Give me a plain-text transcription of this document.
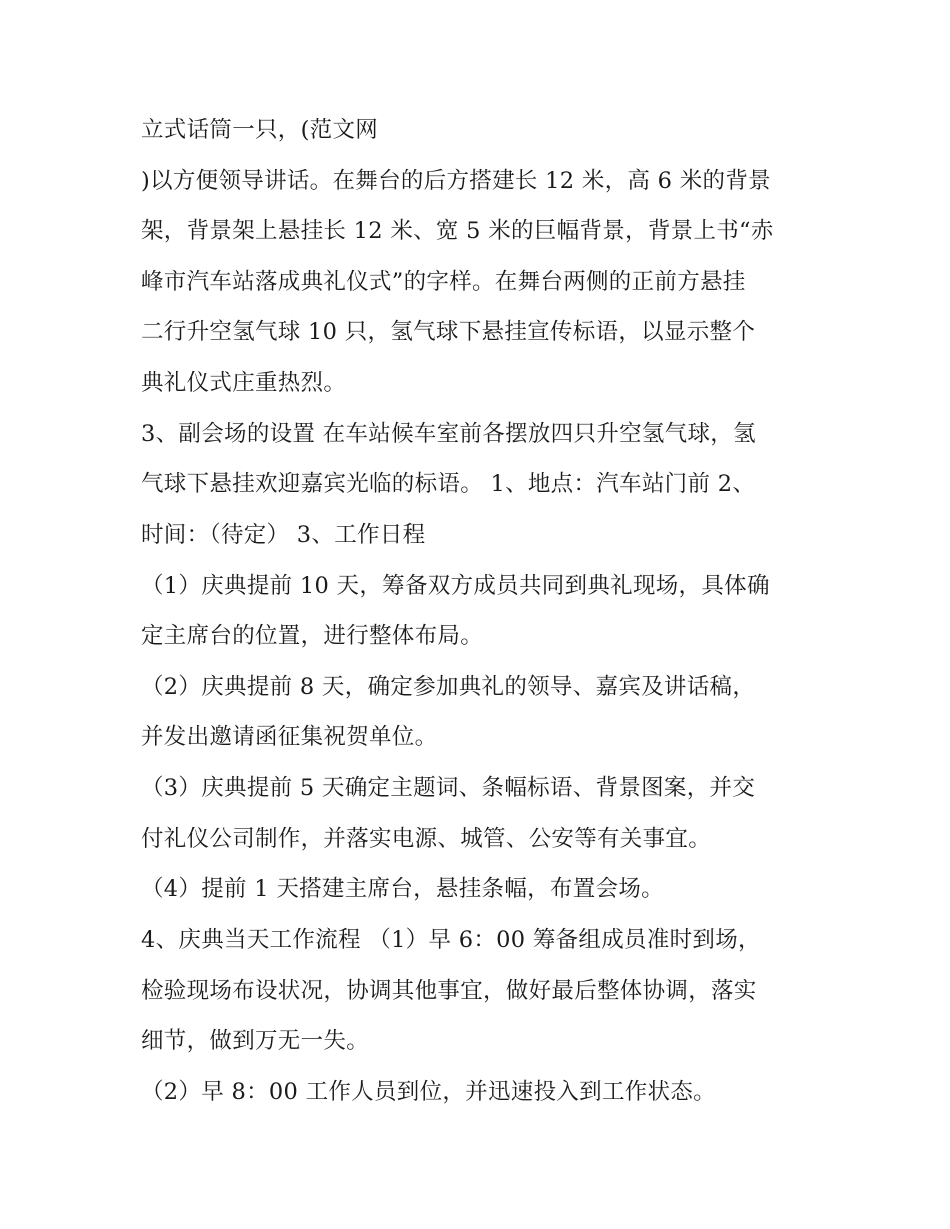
立式话筒一只，(范文网
)以方便领导讲话。在舞台的后方搭建长 12 米，高 6 米的背景
架，背景架上悬挂长 12 米、宽 5 米的巨幅背景，背景上书“赤
峰市汽车站落成典礼仪式”的字样。在舞台两侧的正前方悬挂
二行升空氢气球 10 只，氢气球下悬挂宣传标语，以显示整个
典礼仪式庄重热烈。
3、副会场的设置 在车站候车室前各摆放四只升空氢气球，氢
气球下悬挂欢迎嘉宾光临的标语。 1、地点：汽车站门前 2、
时间：（待定） 3、工作日程
（1）庆典提前 10 天，筹备双方成员共同到典礼现场，具体确
定主席台的位置，进行整体布局。
（2）庆典提前 8 天，确定参加典礼的领导、嘉宾及讲话稿，
并发出邀请函征集祝贺单位。
（3）庆典提前 5 天确定主题词、条幅标语、背景图案，并交
付礼仪公司制作，并落实电源、城管、公安等有关事宜。
（4）提前 1 天搭建主席台，悬挂条幅，布置会场。
4、庆典当天工作流程 （1）早 6：00 筹备组成员准时到场，
检验现场布设状况，协调其他事宜，做好最后整体协调，落实
细节，做到万无一失。
（2）早 8：00 工作人员到位，并迅速投入到工作状态。
